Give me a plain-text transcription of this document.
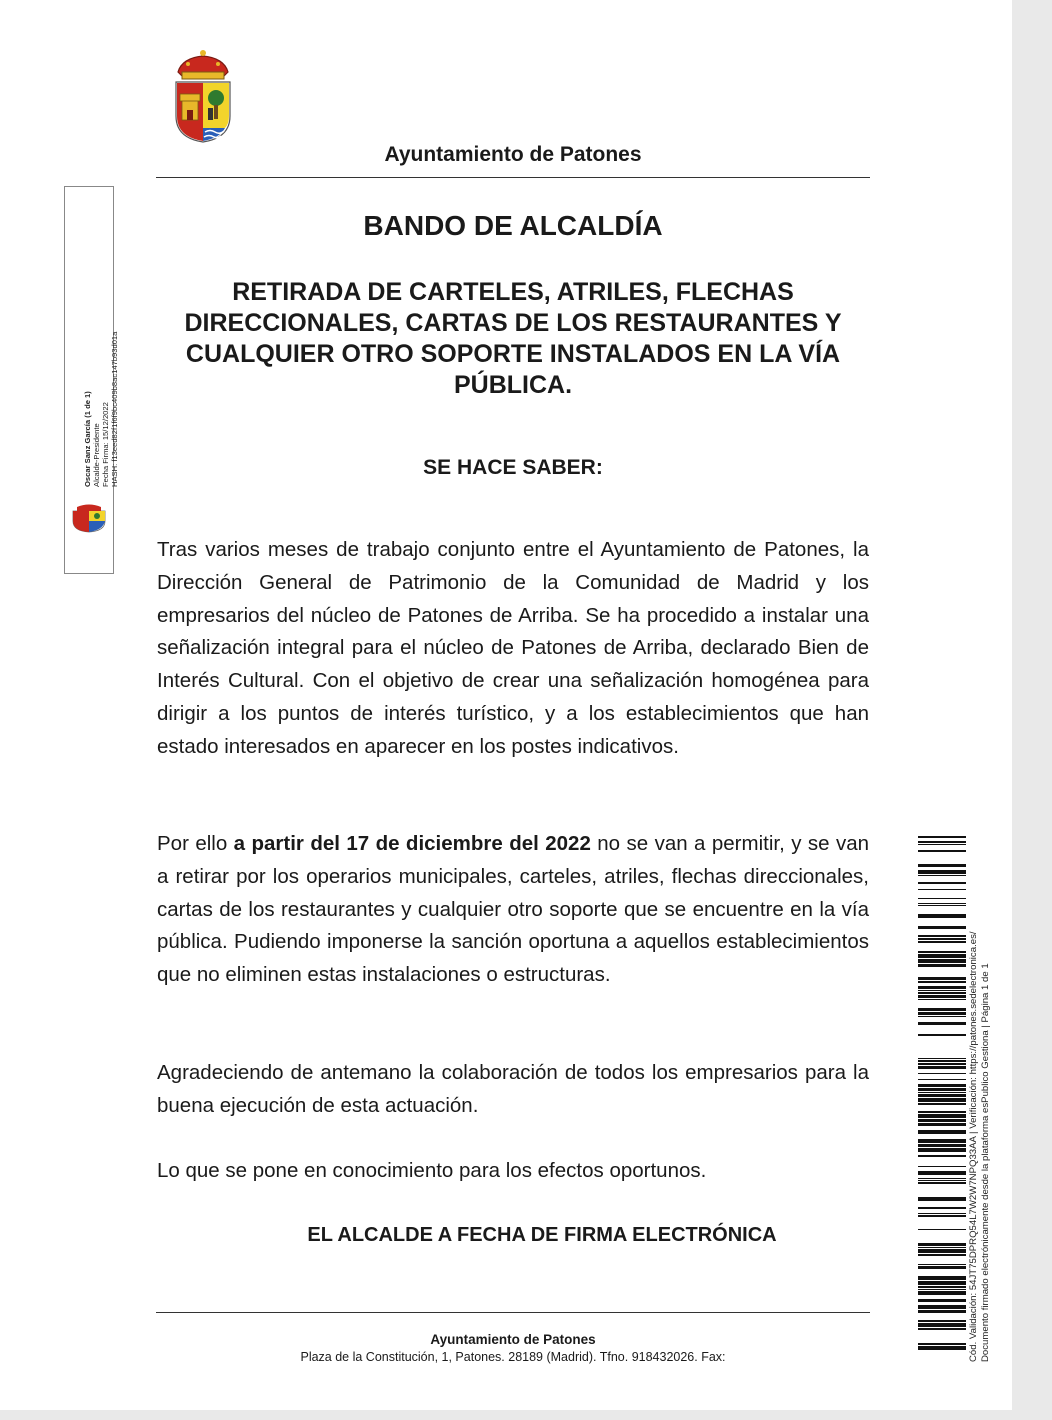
Ayuntamiento de Patones
BANDO DE ALCALDÍA
RETIRADA DE CARTELES, ATRILES, FLECHAS DIRECCIONALES, CARTAS DE LOS RESTAURANTES Y CUALQUIER OTRO SOPORTE INSTALADOS EN LA VÍA PÚBLICA.
SE HACE SABER:

Tras varios meses de trabajo conjunto entre el Ayuntamiento de Patones, la Dirección General de Patrimonio de la Comunidad de Madrid y los empresarios del núcleo de Patones de Arriba. Se ha procedido a instalar una señalización integral para el núcleo de Patones de Arriba, declarado Bien de Interés Cultural. Con el objetivo de crear una señalización homogénea para dirigir a los puntos de interés turístico, y a los establecimientos que han estado interesados en aparecer en los postes indicativos.

Por ello a partir del 17 de diciembre del 2022 no se van a permitir, y se van a retirar por los operarios municipales, carteles, atriles, flechas direccionales, cartas de los restaurantes y cualquier otro soporte que se encuentre en la vía pública. Pudiendo imponerse la sanción oportuna a aquellos establecimientos que no eliminen estas instalaciones o estructuras.

Agradeciendo de antemano la colaboración de todos los empresarios para la buena ejecución de esta actuación.

Lo que se pone en conocimiento para los efectos oportunos.

EL ALCALDE A FECHA DE FIRMA ELECTRÓNICA
Ayuntamiento de Patones
Plaza de la Constitución, 1, Patones. 28189 (Madrid). Tfno. 918432026. Fax:
Oscar Sanz García (1 de 1) Alcalde-Presidente Fecha Firma: 15/12/2022 HASH: f13eed82f1f6f9bc409b8ac147b93d01a
Cód. Validación: 54JT75DPRQ54L7W2W7NPQ33AA | Verificación: https://patones.sedelectronica.es/ Documento firmado electrónicamente desde la plataforma esPublico Gestiona | Página 1 de 1
